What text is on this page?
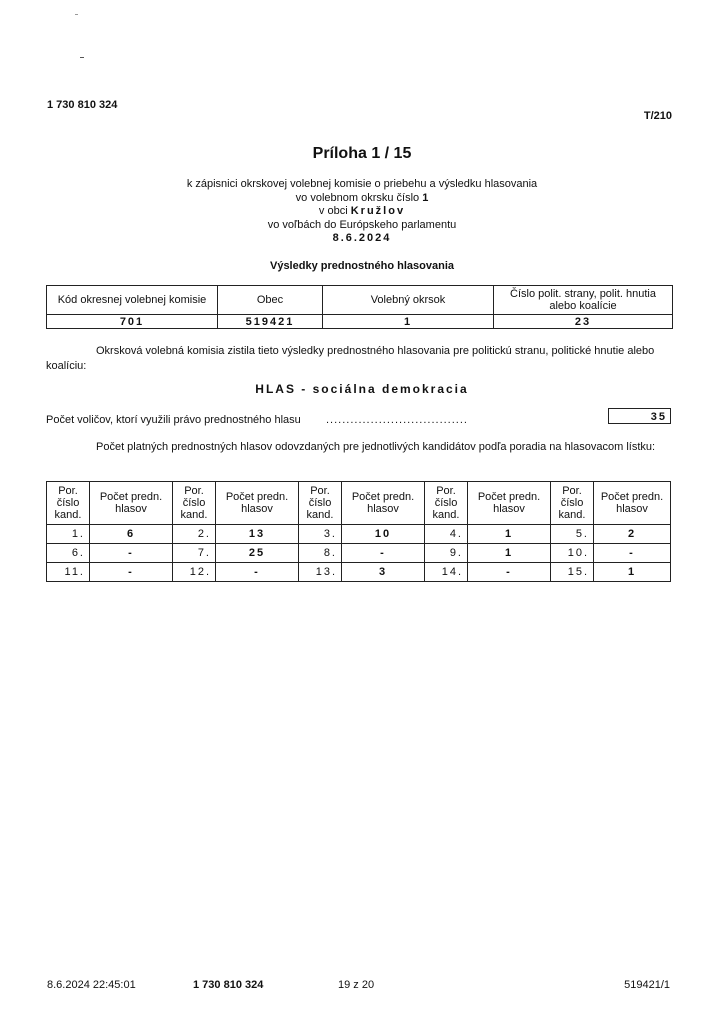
1 730 810 324
T/210
Príloha 1 / 15
k zápisnici okrskovej volebnej komisie o priebehu a výsledku hlasovania
vo volebnom okrsku číslo 1
v obci Kružlov
vo voľbách do Európskeho parlamentu
8.6.2024
Výsledky prednostného hlasovania
Kód okresnej volebnej komisie	Obec	Volebný okrsok	Číslo polit. strany, polit. hnutia alebo koalície
701	519421	1	23
Okrsková volebná komisia zistila tieto výsledky prednostného hlasovania pre politickú stranu, politické hnutie alebo koalíciu:
HLAS - sociálna demokracia
Počet voličov, ktorí využili právo prednostného hlasu ...................................	35
Počet platných prednostných hlasov odovzdaných pre jednotlivých kandidátov podľa poradia na hlasovacom lístku:
Por. číslo kand.	Počet predn. hlasov	Por. číslo kand.	Počet predn. hlasov	Por. číslo kand.	Počet predn. hlasov	Por. číslo kand.	Počet predn. hlasov	Por. číslo kand.	Počet predn. hlasov
1.	6	2.	13	3.	10	4.	1	5.	2
6.	-	7.	25	8.	-	9.	1	10.	-
11.	-	12.	-	13.	3	14.	-	15.	1
8.6.2024 22:45:01	1 730 810 324	19 z 20	519421/1
